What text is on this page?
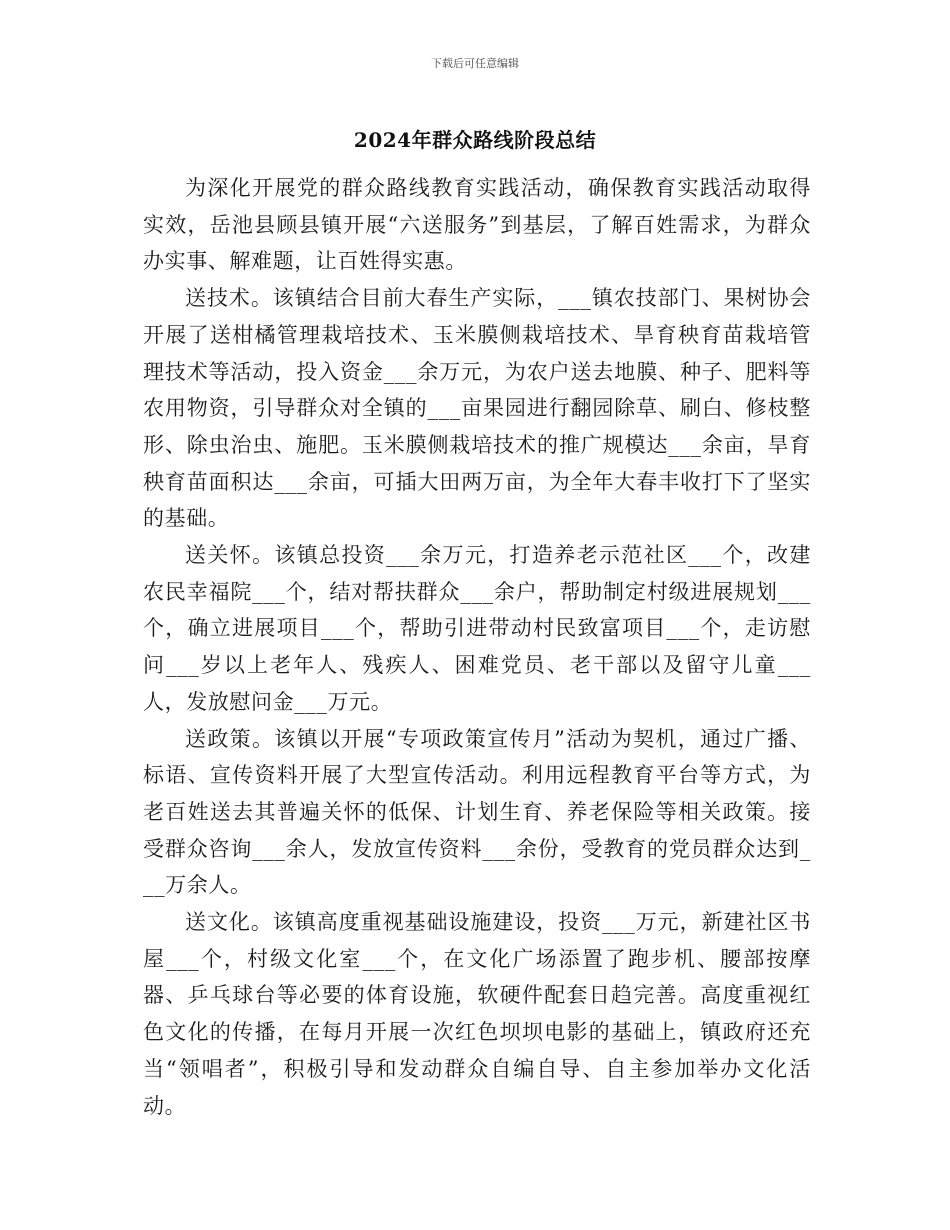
下载后可任意编辑
2024年群众路线阶段总结

为深化开展党的群众路线教育实践活动，确保教育实践活动取得实效，岳池县顾县镇开展“六送服务”到基层，了解百姓需求，为群众办实事、解难题，让百姓得实惠。

送技术。该镇结合目前大春生产实际，___镇农技部门、果树协会开展了送柑橘管理栽培技术、玉米膜侧栽培技术、旱育秧育苗栽培管理技术等活动，投入资金___余万元，为农户送去地膜、种子、肥料等农用物资，引导群众对全镇的___亩果园进行翻园除草、刷白、修枝整形、除虫治虫、施肥。玉米膜侧栽培技术的推广规模达___余亩，旱育秧育苗面积达___余亩，可插大田两万亩，为全年大春丰收打下了坚实的基础。

送关怀。该镇总投资___余万元，打造养老示范社区___个，改建农民幸福院___个，结对帮扶群众___余户，帮助制定村级进展规划___个，确立进展项目___个，帮助引进带动村民致富项目___个，走访慰问___岁以上老年人、残疾人、困难党员、老干部以及留守儿童___人，发放慰问金___万元。

送政策。该镇以开展“专项政策宣传月”活动为契机，通过广播、标语、宣传资料开展了大型宣传活动。利用远程教育平台等方式，为老百姓送去其普遍关怀的低保、计划生育、养老保险等相关政策。接受群众咨询___余人，发放宣传资料___余份，受教育的党员群众达到___万余人。

送文化。该镇高度重视基础设施建设，投资___万元，新建社区书屋___个，村级文化室___个，在文化广场添置了跑步机、腰部按摩器、乒乓球台等必要的体育设施，软硬件配套日趋完善。高度重视红色文化的传播，在每月开展一次红色坝坝电影的基础上，镇政府还充当“领唱者”，积极引导和发动群众自编自导、自主参加举办文化活动。
